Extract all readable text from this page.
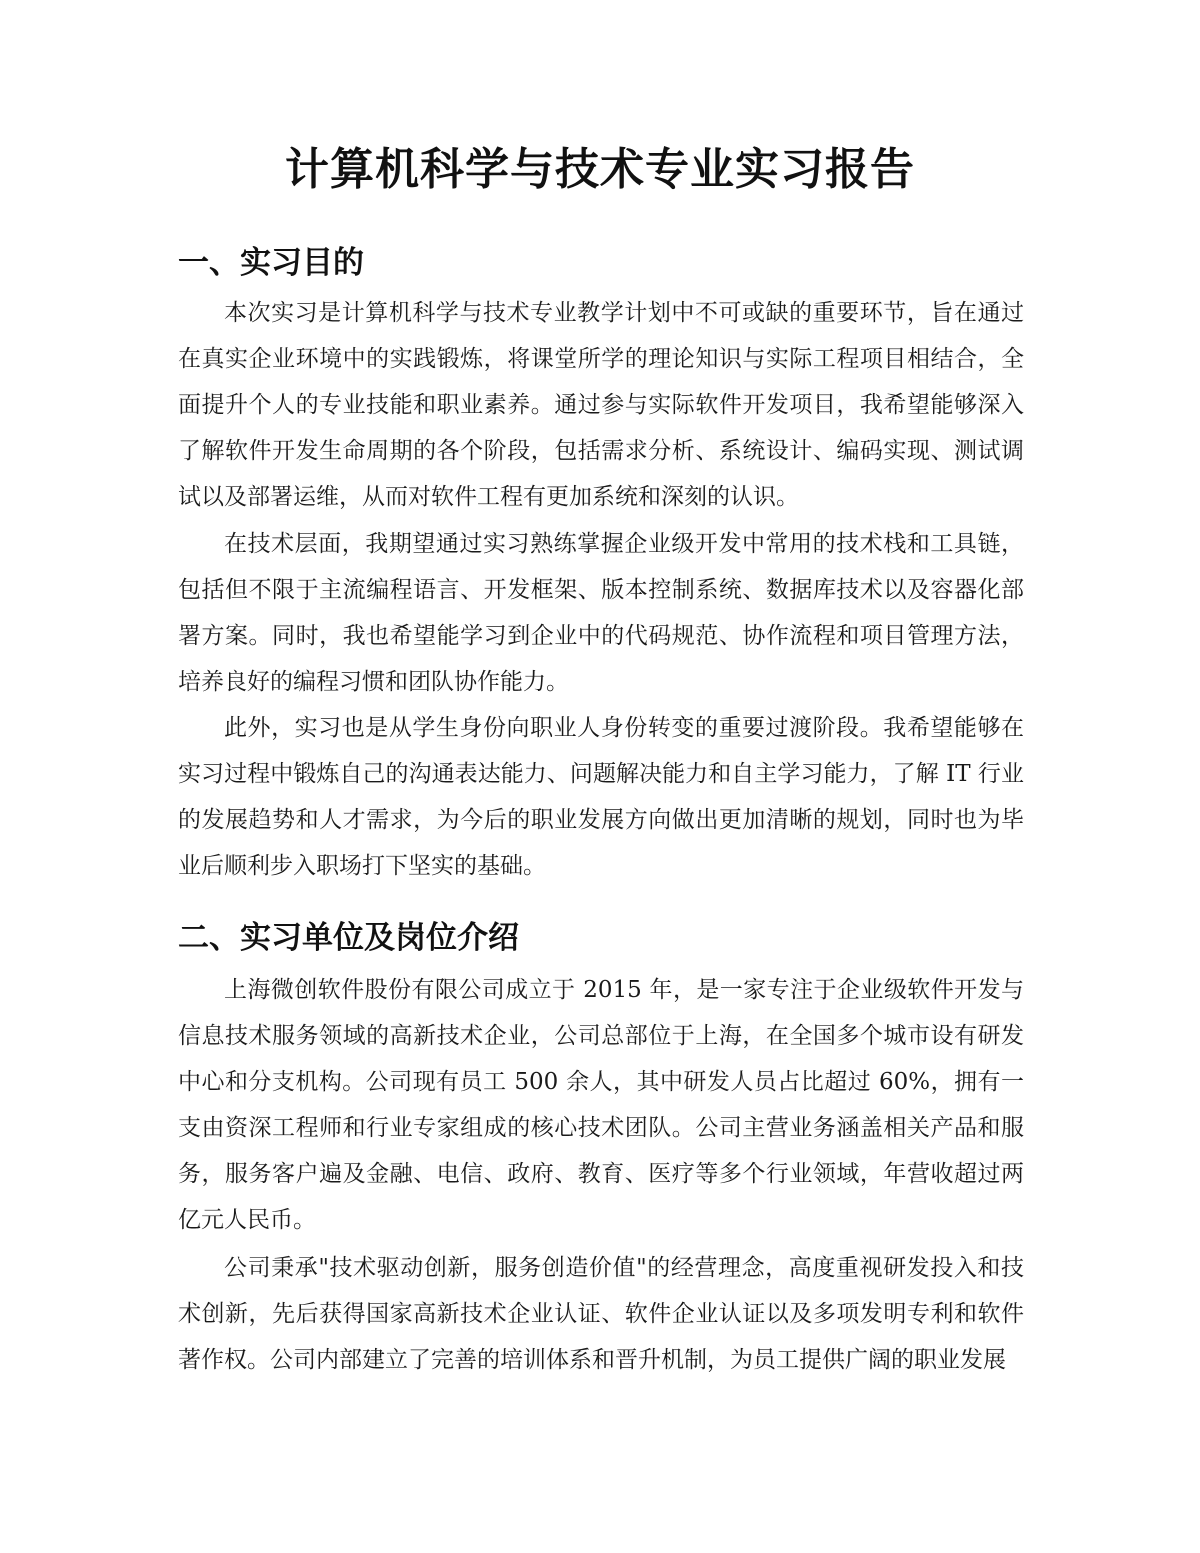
计算机科学与技术专业实习报告
一、实习目的

本次实习是计算机科学与技术专业教学计划中不可或缺的重要环节，旨在通过在真实企业环境中的实践锻炼，将课堂所学的理论知识与实际工程项目相结合，全面提升个人的专业技能和职业素养。通过参与实际软件开发项目，我希望能够深入了解软件开发生命周期的各个阶段，包括需求分析、系统设计、编码实现、测试调试以及部署运维，从而对软件工程有更加系统和深刻的认识。

在技术层面，我期望通过实习熟练掌握企业级开发中常用的技术栈和工具链，包括但不限于主流编程语言、开发框架、版本控制系统、数据库技术以及容器化部署方案。同时，我也希望能学习到企业中的代码规范、协作流程和项目管理方法，培养良好的编程习惯和团队协作能力。

此外，实习也是从学生身份向职业人身份转变的重要过渡阶段。我希望能够在实习过程中锻炼自己的沟通表达能力、问题解决能力和自主学习能力，了解 IT 行业的发展趋势和人才需求，为今后的职业发展方向做出更加清晰的规划，同时也为毕业后顺利步入职场打下坚实的基础。

二、实习单位及岗位介绍

上海微创软件股份有限公司成立于 2015 年，是一家专注于企业级软件开发与信息技术服务领域的高新技术企业，公司总部位于上海，在全国多个城市设有研发中心和分支机构。公司现有员工 500 余人，其中研发人员占比超过 60%，拥有一支由资深工程师和行业专家组成的核心技术团队。公司主营业务涵盖相关产品和服务，服务客户遍及金融、电信、政府、教育、医疗等多个行业领域，年营收超过两亿元人民币。

公司秉承"技术驱动创新，服务创造价值"的经营理念，高度重视研发投入和技术创新，先后获得国家高新技术企业认证、软件企业认证以及多项发明专利和软件著作权。公司内部建立了完善的培训体系和晋升机制，为员工提供广阔的职业发展
